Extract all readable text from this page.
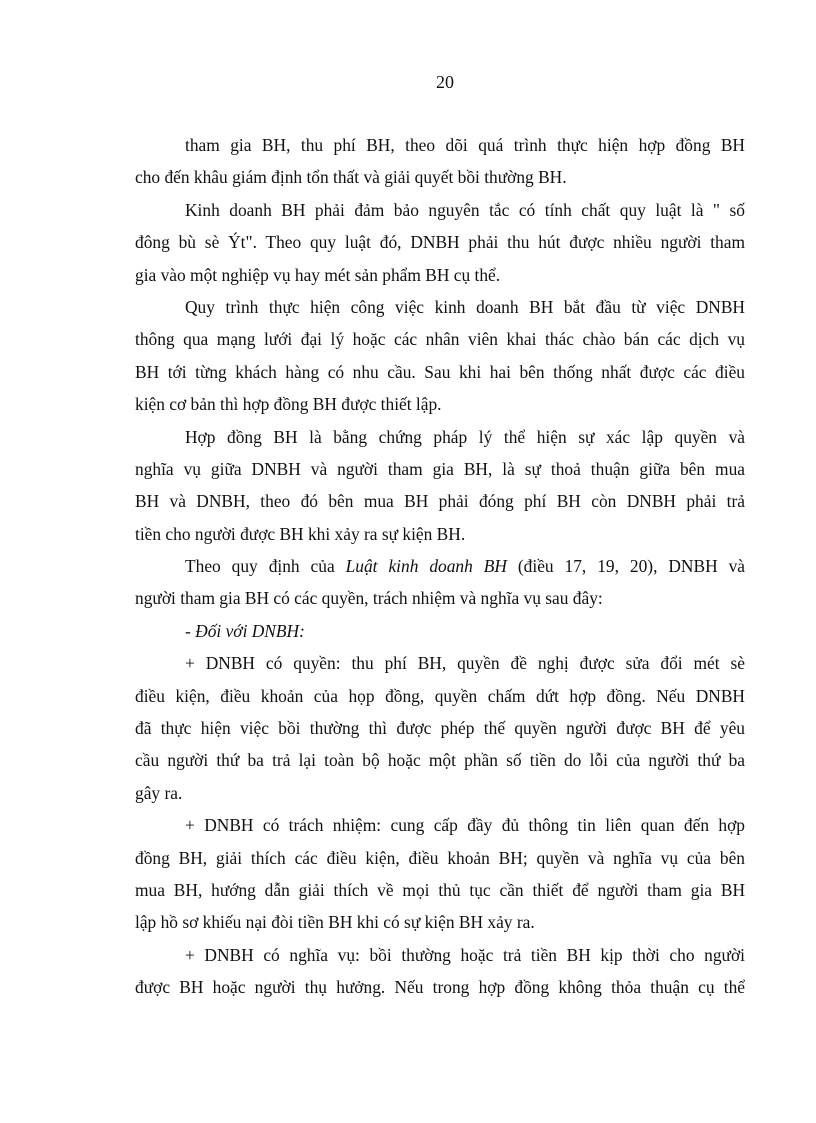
20
tham gia BH, thu phí BH, theo dõi quá trình thực hiện hợp đồng BH
cho đến khâu giám định tổn thất và giải quyết bồi thường BH.
Kinh doanh BH phải đảm bảo nguyên tắc có tính chất quy luật là " số
đông bù sè Ýt". Theo quy luật đó, DNBH phải thu hút được nhiều người tham
gia vào một nghiệp vụ hay mét sản phẩm BH cụ thể.
Quy trình thực hiện công việc kinh doanh BH bắt đầu từ việc DNBH
thông qua mạng lưới đại lý hoặc các nhân viên khai thác chào bán các dịch vụ
BH tới từng khách hàng có nhu cầu. Sau khi hai bên thống nhất được các điều
kiện cơ bản thì hợp đồng BH được thiết lập.
Hợp đồng BH là bằng chứng pháp lý thể hiện sự xác lập quyền và
nghĩa vụ giữa DNBH và người tham gia BH, là sự thoả thuận giữa bên mua
BH và DNBH, theo đó bên mua BH phải đóng phí BH còn DNBH phải trả
tiền cho người được BH khi xảy ra sự kiện BH.
Theo quy định của Luật kinh doanh BH (điều 17, 19, 20), DNBH và
người tham gia BH có các quyền, trách nhiệm và nghĩa vụ sau đây:
- Đối với DNBH:
+ DNBH có quyền: thu phí BH, quyền đề nghị được sửa đổi mét sè
điều kiện, điều khoản của họp đồng, quyền chấm dứt hợp đồng. Nếu DNBH
đã thực hiện việc bồi thường thì được phép thế quyền người được BH để yêu
cầu người thứ ba trả lại toàn bộ hoặc một phần số tiền do lỗi của người thứ ba
gây ra.
+ DNBH có trách nhiệm: cung cấp đầy đủ thông tin liên quan đến hợp
đồng BH, giải thích các điều kiện, điều khoản BH; quyền và nghĩa vụ của bên
mua BH, hướng dẫn giải thích về mọi thủ tục cần thiết để người tham gia BH
lập hồ sơ khiếu nại đòi tiền BH khi có sự kiện BH xảy ra.
+ DNBH có nghĩa vụ: bồi thường hoặc trả tiền BH kịp thời cho người
được BH hoặc người thụ hưởng. Nếu trong hợp đồng không thỏa thuận cụ thể
